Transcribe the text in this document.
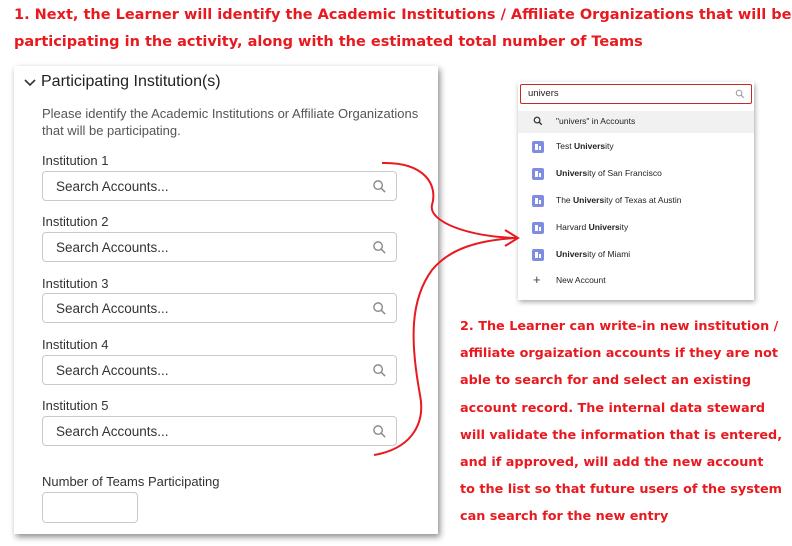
1. Next, the Learner will identify the Academic Institutions / Affiliate Organizations that will be
participating in the activity, along with the estimated total number of Teams
Participating Institution(s)
Please identify the Academic Institutions or Affiliate Organizations
that will be participating.
Institution 1
Search Accounts...
Institution 2
Search Accounts...
Institution 3
Search Accounts...
Institution 4
Search Accounts...
Institution 5
Search Accounts...
Number of Teams Participating
univers
"univers" in Accounts
Test University
University of San Francisco
The University of Texas at Austin
Harvard University
University of Miami
+ New Account
2. The Learner can write-in new institution /
affiliate orgaization accounts if they are not
able to search for and select an existing
account record. The internal data steward
will validate the information that is entered,
and if approved, will add the new account
to the list so that future users of the system
can search for the new entry
